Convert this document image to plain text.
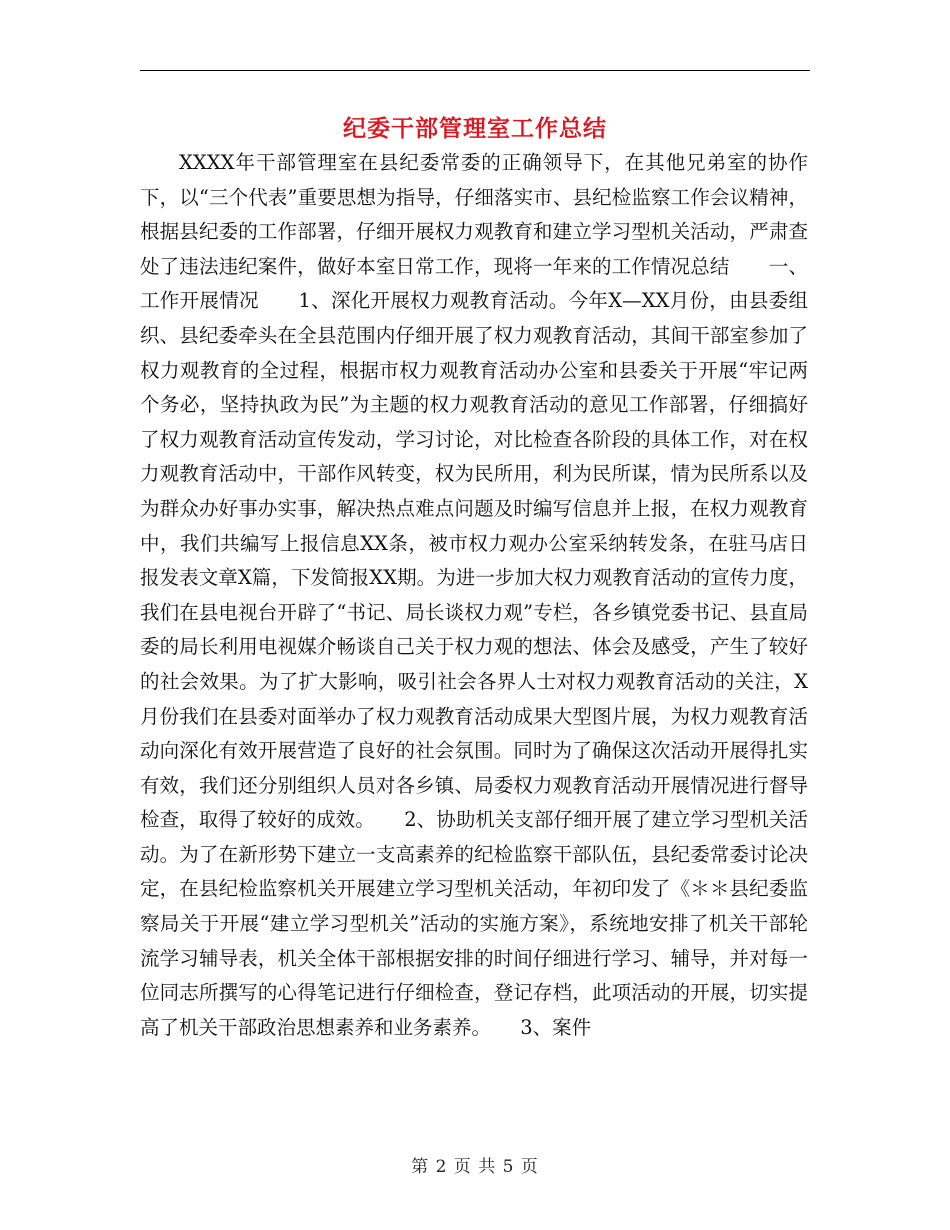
纪委干部管理室工作总结

XXXX年干部管理室在县纪委常委的正确领导下，在其他兄弟室的协作下，以“三个代表”重要思想为指导，仔细落实市、县纪检监察工作会议精神，根据县纪委的工作部署，仔细开展权力观教育和建立学习型机关活动，严肃查处了违法违纪案件，做好本室日常工作，现将一年来的工作情况总结　　一、工作开展情况　　1、深化开展权力观教育活动。今年X—XX月份，由县委组织、县纪委牵头在全县范围内仔细开展了权力观教育活动，其间干部室参加了权力观教育的全过程，根据市权力观教育活动办公室和县委关于开展“牢记两个务必，坚持执政为民”为主题的权力观教育活动的意见工作部署，仔细搞好了权力观教育活动宣传发动，学习讨论，对比检查各阶段的具体工作，对在权力观教育活动中，干部作风转变，权为民所用，利为民所谋，情为民所系以及为群众办好事办实事，解决热点难点问题及时编写信息并上报，在权力观教育中，我们共编写上报信息XX条，被市权力观办公室采纳转发条，在驻马店日报发表文章X篇，下发简报XX期。为进一步加大权力观教育活动的宣传力度，我们在县电视台开辟了“书记、局长谈权力观”专栏，各乡镇党委书记、县直局委的局长利用电视媒介畅谈自己关于权力观的想法、体会及感受，产生了较好的社会效果。为了扩大影响，吸引社会各界人士对权力观教育活动的关注，X月份我们在县委对面举办了权力观教育活动成果大型图片展，为权力观教育活动向深化有效开展营造了良好的社会氛围。同时为了确保这次活动开展得扎实有效，我们还分别组织人员对各乡镇、局委权力观教育活动开展情况进行督导检查，取得了较好的成效。　　2、协助机关支部仔细开展了建立学习型机关活动。为了在新形势下建立一支高素养的纪检监察干部队伍，县纪委常委讨论决定，在县纪检监察机关开展建立学习型机关活动，年初印发了《＊＊县纪委监察局关于开展“建立学习型机关”活动的实施方案》，系统地安排了机关干部轮流学习辅导表，机关全体干部根据安排的时间仔细进行学习、辅导，并对每一位同志所撰写的心得笔记进行仔细检查，登记存档，此项活动的开展，切实提高了机关干部政治思想素养和业务素养。　　3、案件

第 2 页 共 5 页
